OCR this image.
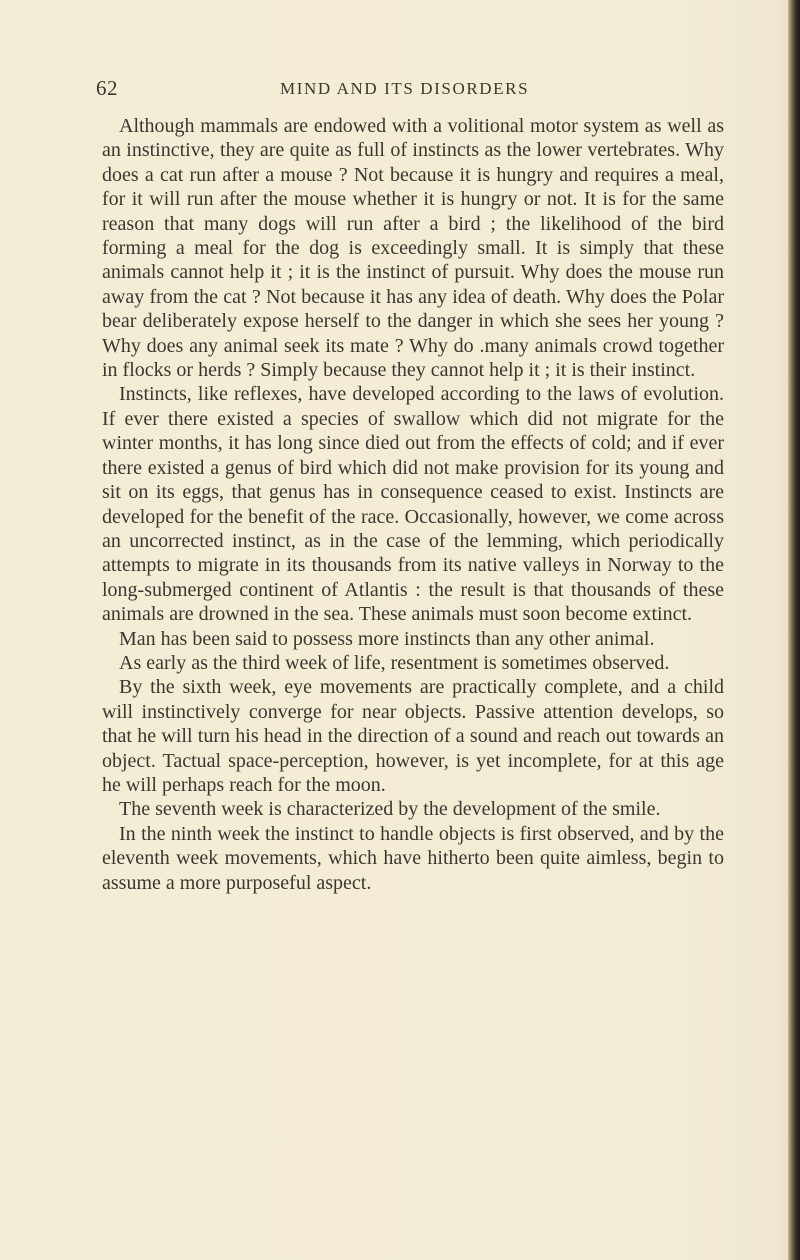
62	MIND AND ITS DISORDERS

Although mammals are endowed with a volitional motor system as well as an instinctive, they are quite as full of instincts as the lower vertebrates. Why does a cat run after a mouse ? Not because it is hungry and requires a meal, for it will run after the mouse whether it is hungry or not. It is for the same reason that many dogs will run after a bird ; the likelihood of the bird forming a meal for the dog is exceedingly small. It is simply that these animals cannot help it ; it is the instinct of pursuit. Why does the mouse run away from the cat ? Not because it has any idea of death. Why does the Polar bear deliberately expose herself to the danger in which she sees her young ? Why does any animal seek its mate ? Why do .many animals crowd together in flocks or herds ? Simply because they cannot help it ; it is their instinct.

Instincts, like reflexes, have developed according to the laws of evolution. If ever there existed a species of swallow which did not migrate for the winter months, it has long since died out from the effects of cold; and if ever there existed a genus of bird which did not make provision for its young and sit on its eggs, that genus has in consequence ceased to exist. Instincts are developed for the benefit of the race. Occasionally, however, we come across an uncorrected instinct, as in the case of the lemming, which periodically attempts to migrate in its thousands from its native valleys in Norway to the long-submerged continent of Atlantis : the result is that thousands of these animals are drowned in the sea. These animals must soon become extinct.

Man has been said to possess more instincts than any other animal.

As early as the third week of life, resentment is sometimes observed.

By the sixth week, eye movements are practically complete, and a child will instinctively converge for near objects. Passive attention develops, so that he will turn his head in the direction of a sound and reach out towards an object. Tactual space-perception, however, is yet incomplete, for at this age he will perhaps reach for the moon.

The seventh week is characterized by the development of the smile.

In the ninth week the instinct to handle objects is first observed, and by the eleventh week movements, which have hitherto been quite aimless, begin to assume a more purposeful aspect.
